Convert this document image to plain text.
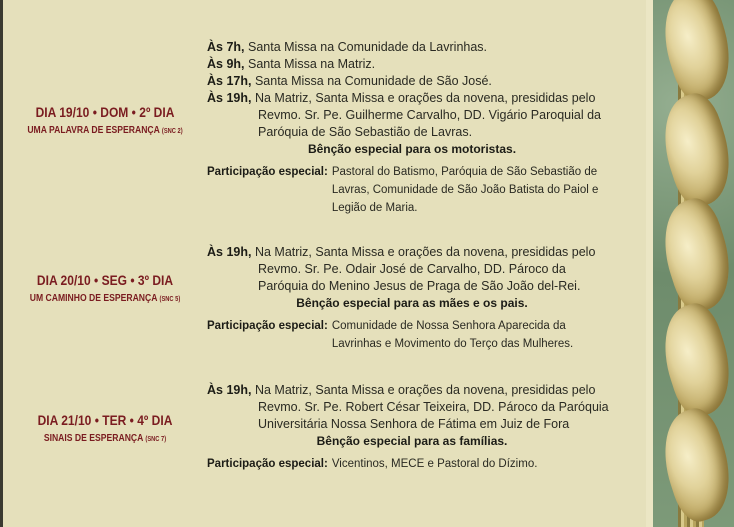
DIA 19/10 • DOM • 2º DIA
UMA PALAVRA DE ESPERANÇA (SNC 2)
Às 7h, Santa Missa na Comunidade da Lavrinhas.
Às 9h, Santa Missa na Matriz.
Às 17h, Santa Missa na Comunidade de São José.
Às 19h, Na Matriz, Santa Missa e orações da novena, presididas pelo
Revmo. Sr. Pe. Guilherme Carvalho, DD. Vigário Paroquial da
Paróquia de São Sebastião de Lavras.
Bênção especial para os motoristas.
Participação especial: Pastoral do Batismo, Paróquia de São Sebastião de Lavras, Comunidade de São João Batista do Paiol e Legião de Maria.
DIA 20/10 • SEG • 3º DIA
UM CAMINHO DE ESPERANÇA (SNC 5)
Às 19h, Na Matriz, Santa Missa e orações da novena, presididas pelo
Revmo. Sr. Pe. Odair José de Carvalho, DD. Pároco da
Paróquia do Menino Jesus de Praga de São João del-Rei.
Bênção especial para as mães e os pais.
Participação especial: Comunidade de Nossa Senhora Aparecida da Lavrinhas e Movimento do Terço das Mulheres.
DIA 21/10 • TER • 4º DIA
SINAIS DE ESPERANÇA (SNC 7)
Às 19h, Na Matriz, Santa Missa e orações da novena, presididas pelo
Revmo. Sr. Pe. Robert César Teixeira, DD. Pároco da Paróquia
Universitária Nossa Senhora de Fátima em Juiz de Fora
Bênção especial para as famílias.
Participação especial: Vicentinos, MECE e Pastoral do Dízimo.
